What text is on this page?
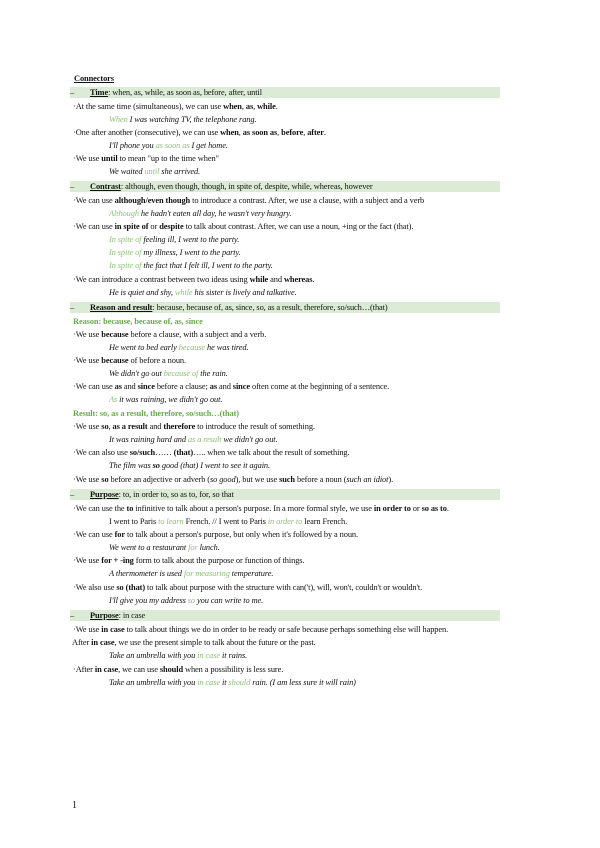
Connectors
– Time: when, as, while, as soon as, before, after, until
·At the same time (simultaneous), we can use when, as, while.
When I was watching TV, the telephone rang.
·One after another (consecutive), we can use when, as soon as, before, after.
I'll phone you as soon as I get home.
·We use until to mean "up to the time when"
We waited until she arrived.
– Contrast: although, even though, though, in spite of, despite, while, whereas, however
·We can use although/even though to introduce a contrast. After, we use a clause, with a subject and a verb
Although he hadn't eaten all day, he wasn't very hungry.
·We can use in spite of or despite to talk about contrast. After, we can use a noun, +ing or the fact (that).
In spite of feeling ill, I went to the party.
In spite of my illness, I went to the party.
In spite of the fact that I felt ill, I went to the party.
·We can introduce a contrast between two ideas using while and whereas.
He is quiet and shy, while his sister is lively and talkative.
– Reason and result: because, because of, as, since, so, as a result, therefore, so/such…(that)
Reason: because, because of, as, since
·We use because before a clause, with a subject and a verb.
He went to bed early because he was tired.
·We use because of before a noun.
We didn't go out because of the rain.
·We can use as and since before a clause; as and since often come at the beginning of a sentence.
As it was raining, we didn't go out.
Result: so, as a result, therefore, so/such…(that)
·We use so, as a result and therefore to introduce the result of something.
It was raining hard and as a result we didn't go out.
·We can also use so/such…… (that)….. when we talk about the result of something.
The film was so good (that) I went to see it again.
·We use so before an adjective or adverb (so good), but we use such before a noun (such an idiot).
– Purpose: to, in order to, so as to, for, so that
·We can use the to infinitive to talk about a person's purpose. In a more formal style, we use in order to or so as to.
I went to Paris to learn French. // I went to Paris in order to learn French.
·We can use for to talk about a person's purpose, but only when it's followed by a noun.
We went to a restaurant for lunch.
·We use for + -ing form to talk about the purpose or function of things.
A thermometer is used for measuring temperature.
·We also use so (that) to talk about purpose with the structure with can('t), will, won't, couldn't or wouldn't.
I'll give you my address so you can write to me.
– Purpose: in case
·We use in case to talk about things we do in order to be ready or safe because perhaps something else will happen.
After in case, we use the present simple to talk about the future or the past.
Take an umbrella with you in case it rains.
·After in case, we can use should when a possibility is less sure.
Take an umbrella with you in case it should rain. (I am less sure it will rain)
1
